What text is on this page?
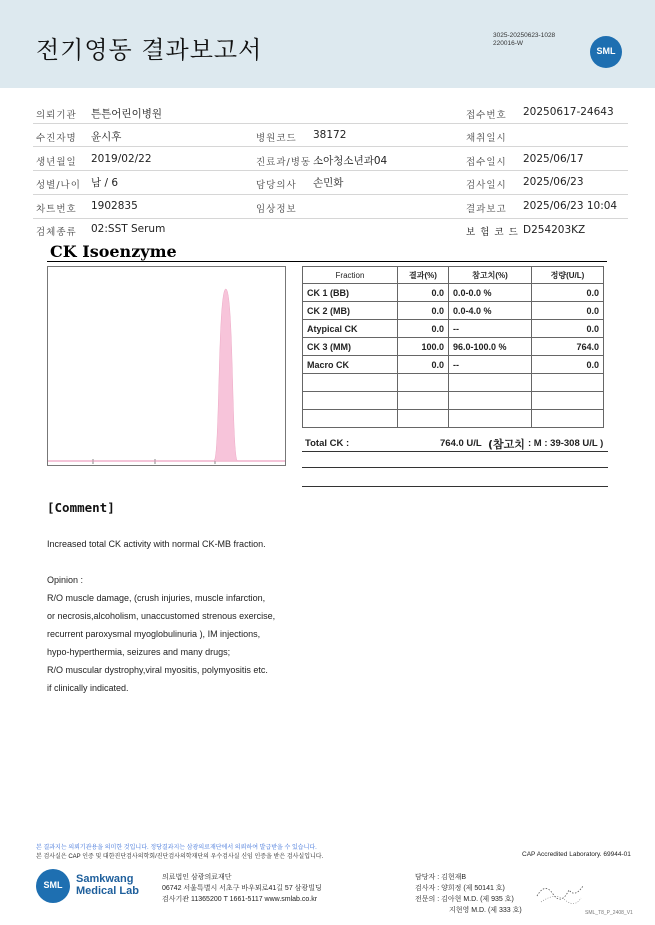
전기영동 결과보고서
3025-20250623-1028
220016-W
SML
의뢰기관 튼튼어린이병원	접수번호 20250617-24643
수진자명 윤시후	병원코드 38172	채취일시
생년월일 2019/02/22	진료과/병동 소아청소년과04	접수일시 2025/06/17
성별/나이 남 / 6	담당의사 손민화	검사일시 2025/06/23
차트번호 1902835	임상정보	결과보고 2025/06/23 10:04
검체종류 02:SST Serum	보 험 코 드 D254203KZ
CK Isoenzyme
Fraction	결과(%)	참고치(%)	정량(U/L)
CK 1 (BB)	0.0	0.0-0.0 %	0.0
CK 2 (MB)	0.0	0.0-4.0 %	0.0
Atypical CK	0.0	--	0.0
CK 3 (MM)	100.0	96.0-100.0 %	764.0
Macro CK	0.0	--	0.0

Total CK :	764.0 U/L (참고치 : M : 39-308 U/L )
[Comment]
Increased total CK activity with normal CK-MB fraction.
Opinion :
R/O muscle damage, (crush injuries, muscle infarction,
or necrosis,alcoholism, unaccustomed strenous exercise,
recurrent paroxysmal myoglobulinuria ), IM injections,
hypo-hyperthermia, seizures and many drugs;
R/O muscular dystrophy,viral myositis, polymyositis etc.
if clinically indicated.
본 결과지는 의뢰기관용을 의미한 것입니다. 정당결과지는 삼광의료재단에서 의뢰하여 발급받을 수 있습니다.
본 검사실은 CAP 인증 및 대한진단검사의학회/진단검사의학재단의 우수검사실 신임 인증을 받은 검사실입니다.	CAP Accredited Laboratory. 69944-01
SML	Samkwang
Medical Lab
의료법인 삼광의료재단
06742 서울특별시 서초구 바우뫼로41길 57 삼광빌딩
검사기관 11365200 T 1661-5117 www.smlab.co.kr
담당자 : 김현재B
검사자 : 양희정 (제 50141 호)
전문의 : 김아현 M.D. (제 935 호)
지현영 M.D. (제 333 호)	SML_T8_P_2408_V1
